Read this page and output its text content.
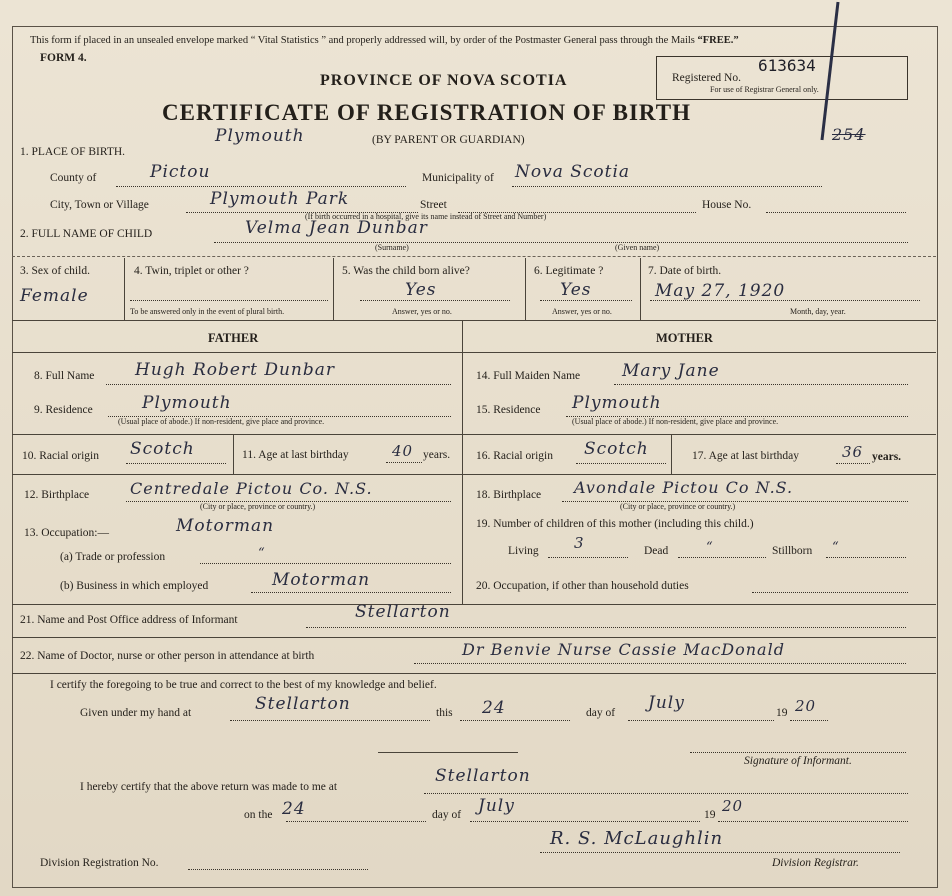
This form if placed in an unsealed envelope marked “ Vital Statistics ” and properly addressed will, by order of the Postmaster General pass through the Mails “FREE.”
FORM 4.
PROVINCE OF NOVA SCOTIA
CERTIFICATE OF REGISTRATION OF BIRTH
(BY PARENT OR GUARDIAN)
Registered No.
613634
For use of Registrar General only.
254
1. PLACE OF BIRTH.
Plymouth
County of	Pictou	Municipality of Nova Scotia
City, Town or Village	Plymouth Park	Street	House No.
(If birth occurred in a hospital, give its name instead of Street and Number)
2. FULL NAME OF CHILD	Velma Jean Dunbar
(Surname)	(Given name)
3. Sex of child.
Female
4. Twin, triplet or other ?
To be answered only in the event of plural birth.
5. Was the child born alive?
Yes
Answer, yes or no.
6. Legitimate ?
Yes
Answer, yes or no.
7. Date of birth.
May 27, 1920
Month, day, year.
FATHER	MOTHER
8. Full Name Hugh Robert Dunbar
9. Residence	Plymouth
(Usual place of abode.) If non-resident, give place and province.
10. Racial origin Scotch	11. Age at last birthday	40 years.
12. Birthplace	Centredale Pictou Co. N.S.
(City or place, province or country.)
13. Occupation:—	Motorman
(a) Trade or profession	“
(b) Business in which employed	Motorman
14. Full Maiden Name Mary Jane
15. Residence Plymouth
(Usual place of abode.) If non-resident, give place and province.
16. Racial origin Scotch	17. Age at last birthday	36 years.
18. Birthplace Avondale Pictou Co N.S.
(City or place, province or country.)
19. Number of children of this mother (including this child.)
Living 3	Dead	“	Stillborn “
20. Occupation, if other than household duties
21. Name and Post Office address of Informant	Stellarton
22. Name of Doctor, nurse or other person in attendance at birth	Dr Benvie Nurse Cassie MacDonald
I certify the foregoing to be true and correct to the best of my knowledge and belief.
Given under my hand at	Stellarton	this 24	day of July	19 20
Signature of Informant.
I hereby certify that the above return was made to me at
Stellarton
on the 24	day of July	19 20
R. S. McLaughlin
Division Registration No.	Division Registrar.
